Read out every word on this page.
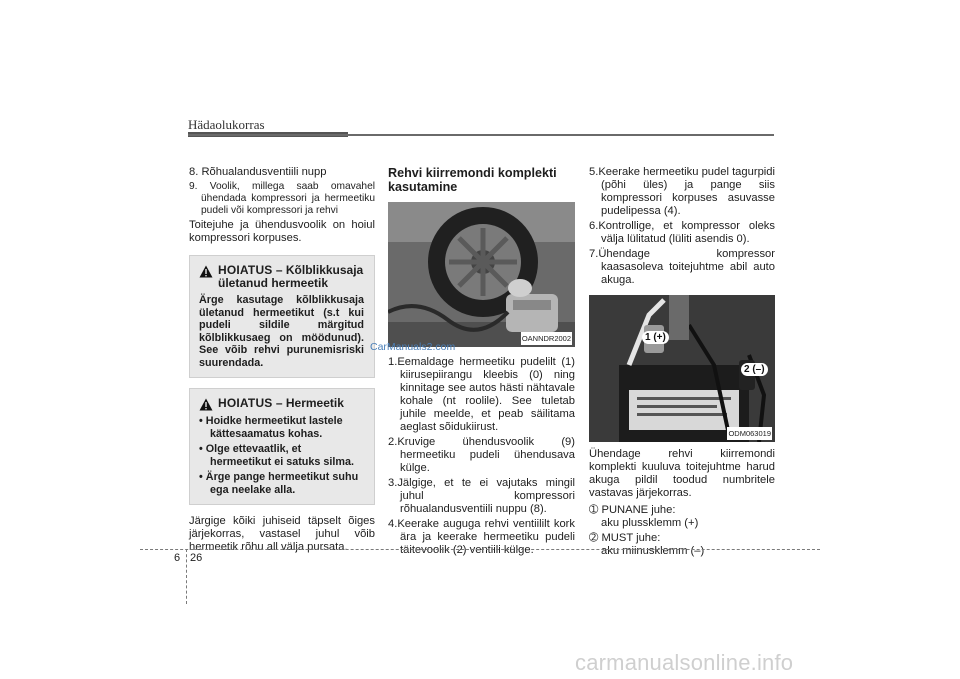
Hädaolukorras
8. Rõhualandusventiili nupp
9. Voolik, millega saab omavahel ühendada kompressori ja hermeetiku pudeli või kompressori ja rehvi

Toitejuhe ja ühendusvoolik on hoiul kompressori korpuses.

HOIATUS – Kõlblikkusaja ületanud hermeetik
Ärge kasutage kõlblikkusaja ületanud hermeetikut (s.t kui pudeli sildile märgitud kõlblikkusaeg on möödunud). See võib rehvi purunemisriski suurendada.
HOIATUS – Hermeetik
• Hoidke hermeetikut lastele kättesaamatus kohas.
• Olge ettevaatlik, et hermeetikut ei satuks silma.
• Ärge pange hermeetikut suhu ega neelake alla.

Järgige kõiki juhiseid täpselt õiges järjekorras, vastasel juhul võib hermeetik rõhu all välja pursata.

Rehvi kiirremondi komplekti kasutamine
OANNDR2002
1.Eemaldage hermeetiku pudelilt (1) kiirusepiirangu kleebis (0) ning kinnitage see autos hästi nähtavale kohale (nt roolile). See tuletab juhile meelde, et peab säilitama aeglast sõidukiirust.
2.Kruvige ühendusvoolik (9) hermeetiku pudeli ühendusava külge.
3.Jälgige, et te ei vajutaks mingil juhul kompressori rõhualandusventiili nuppu (8).
4.Keerake auguga rehvi ventiililt kork ära ja keerake hermeetiku pudeli täitevoolik (2) ventiili külge.
CarManuals2.com
5.Keerake hermeetiku pudel tagurpidi (põhi üles) ja pange siis kompressori korpuses asuvasse pudelipessa (4).
6.Kontrollige, et kompressor oleks välja lülitatud (lüliti asendis 0).
7.Ühendage kompressor kaasasoleva toitejuhtme abil auto akuga.
1 (+)
2 (–)
ODM063019

Ühendage rehvi kiirremondi komplekti kuuluva toitejuhtme harud akuga pildil toodud numbritele vastavas järjekorras.

➀ PUNANE juhe:
aku plussklemm (+)
➁ MUST juhe:
aku miinusklemm (–)
6 26
carmanualsonline.info
